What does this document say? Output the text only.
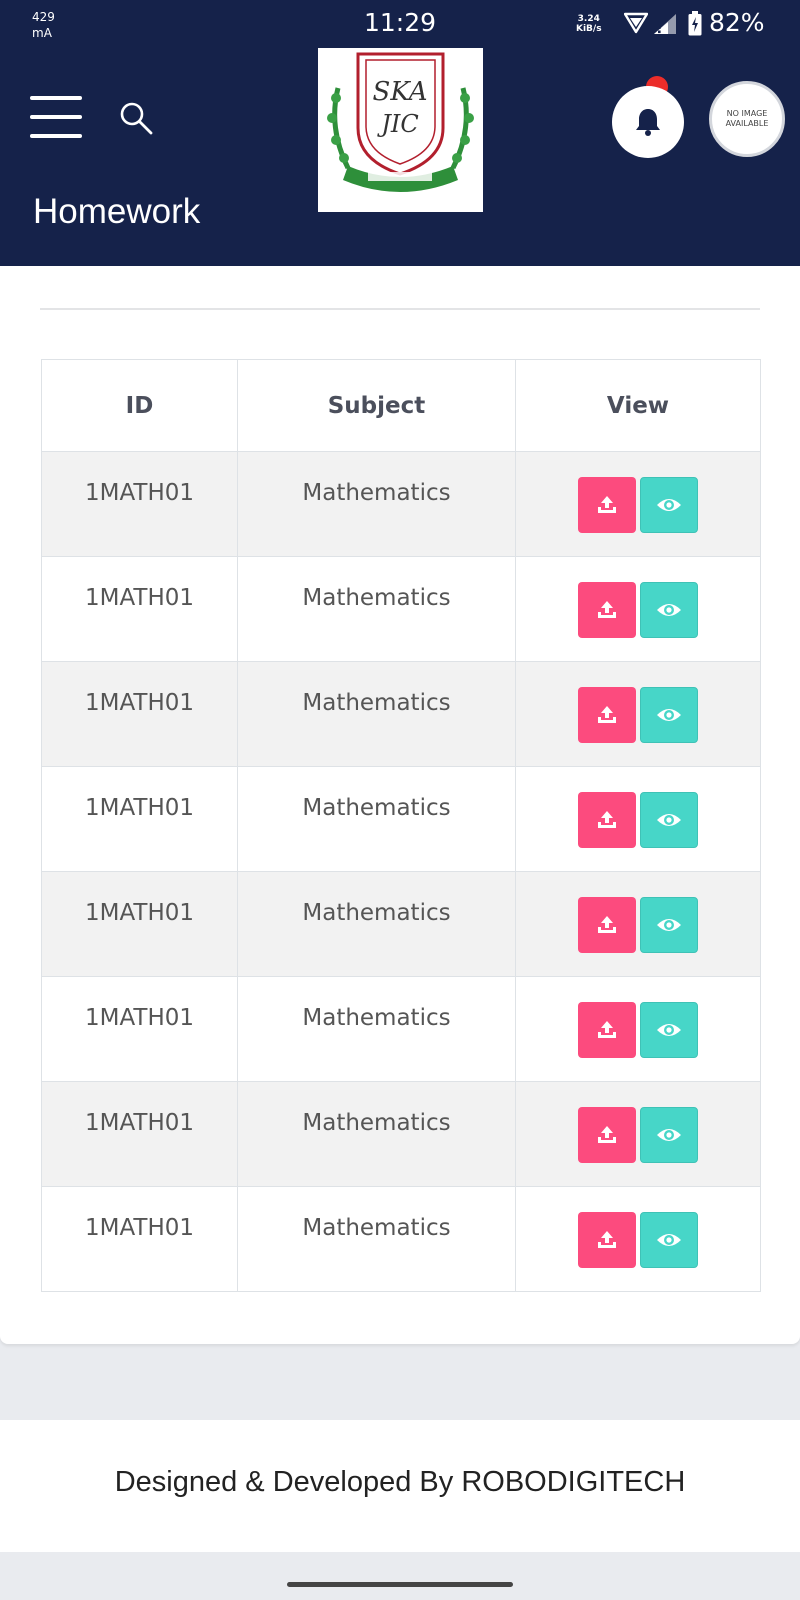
429
mA	11:29	3.24
KiB/s	82%
SKA
JIC	NO IMAGE AVAILABLE
Homework
ID	Subject	View
1MATH01	Mathematics	

1MATH01	Mathematics	

1MATH01	Mathematics	

1MATH01	Mathematics	

1MATH01	Mathematics	

1MATH01	Mathematics	

1MATH01	Mathematics	

1MATH01	Mathematics	
Designed & Developed By ROBODIGITECH
